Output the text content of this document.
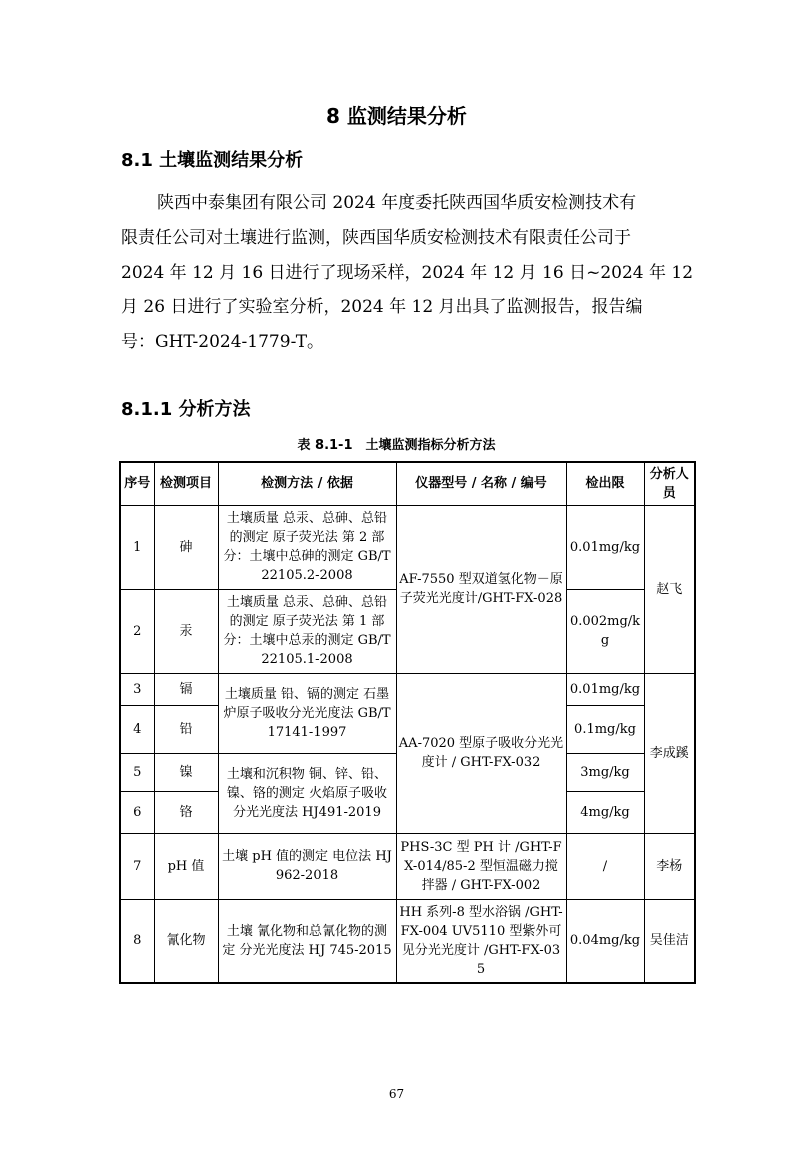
8 监测结果分析
8.1 土壤监测结果分析
陕西中泰集团有限公司 2024 年度委托陕西国华质安检测技术有
限责任公司对土壤进行监测，陕西国华质安检测技术有限责任公司于
2024 年 12 月 16 日进行了现场采样，2024 年 12 月 16 日~2024 年 12
月 26 日进行了实验室分析，2024 年 12 月出具了监测报告，报告编
号：GHT-2024-1779-T。
8.1.1 分析方法
表 8.1-1　土壤监测指标分析方法
序号	检测项目	检测方法 / 依据	仪器型号 / 名称 / 编号	检出限	分析人员
1	砷	土壤质量 总汞、总砷、总铅的测定 原子荧光法 第 2 部分：土壤中总砷的测定 GB/T22105.2-2008	AF-7550 型双道氢化物－原子荧光光度计/GHT-FX-028	0.01mg/kg	赵飞
2	汞	土壤质量 总汞、总砷、总铅的测定 原子荧光法 第 1 部分：土壤中总汞的测定 GB/T22105.1-2008		0.002mg/kg	
3	镉	土壤质量 铅、镉的测定 石墨炉原子吸收分光光度法 GB/T17141-1997	AA-7020 型原子吸收分光光度计 / GHT-FX-032	0.01mg/kg	李成蹊
4	铅			0.1mg/kg	
5	镍	土壤和沉积物 铜、锌、铅、镍、铬的测定 火焰原子吸收分光光度法 HJ491-2019		3mg/kg	
6	铬			4mg/kg	
7	pH 值	土壤 pH 值的测定 电位法 HJ962-2018	PHS-3C 型 PH 计 /GHT-FX-014/85-2 型恒温磁力搅拌器 / GHT-FX-002	/	李杨
8	氰化物	土壤 氰化物和总氰化物的测定 分光光度法 HJ 745-2015	HH 系列-8 型水浴锅 /GHT-FX-004 UV5110 型紫外可见分光光度计 /GHT-FX-035	0.04mg/kg	吴佳洁
67
